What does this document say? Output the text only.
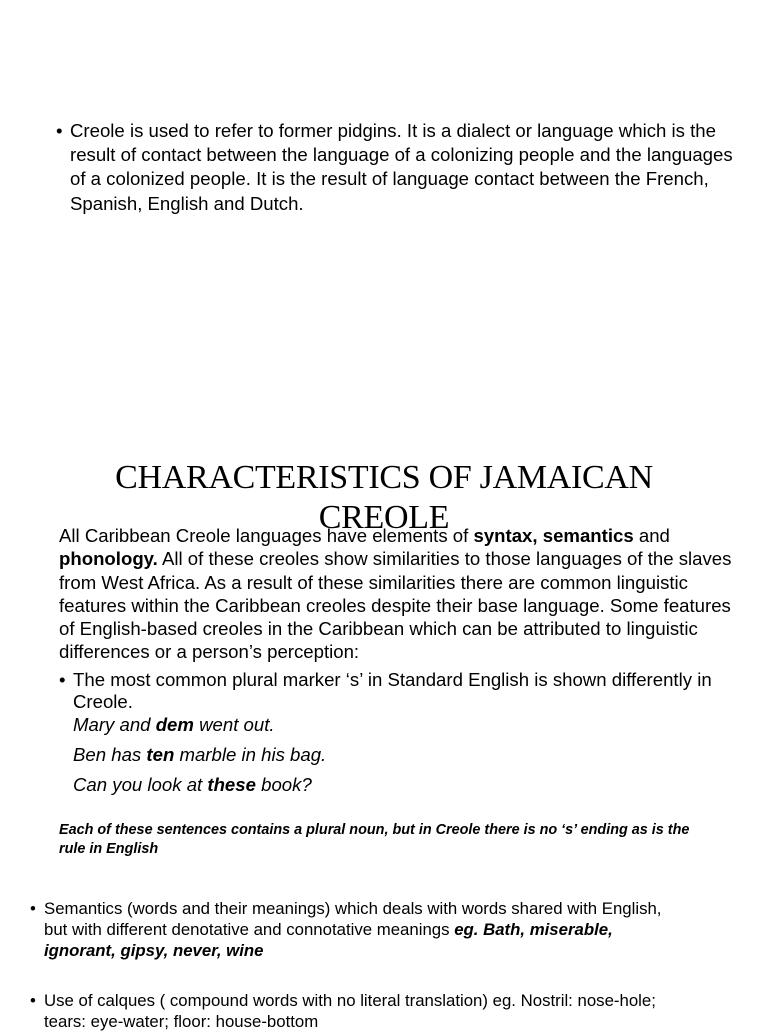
• Creole is used to refer to former pidgins. It is a dialect or language which is the result of contact between the language of a colonizing people and the languages of a colonized people. It is the result of language contact between the French, Spanish, English and Dutch.

CHARACTERISTICS OF JAMAICAN
CREOLE

All Caribbean Creole languages have elements of syntax, semantics and phonology. All of these creoles show similarities to those languages of the slaves from West Africa. As a result of these similarities there are common linguistic features within the Caribbean creoles despite their base language. Some features of English-based creoles in the Caribbean which can be attributed to linguistic differences or a person’s perception:

• The most common plural marker ‘s’ in Standard English is shown differently in Creole.

Mary and dem went out.
Ben has ten marble in his bag.
Can you look at these book?

Each of these sentences contains a plural noun, but in Creole there is no ‘s’ ending as is the rule in English

• Semantics (words and their meanings) which deals with words shared with English, but with different denotative and connotative meanings eg. Bath, miserable, ignorant, gipsy, never, wine

• Use of calques ( compound words with no literal translation) eg. Nostril: nose-hole; tears: eye-water; floor: house-bottom
